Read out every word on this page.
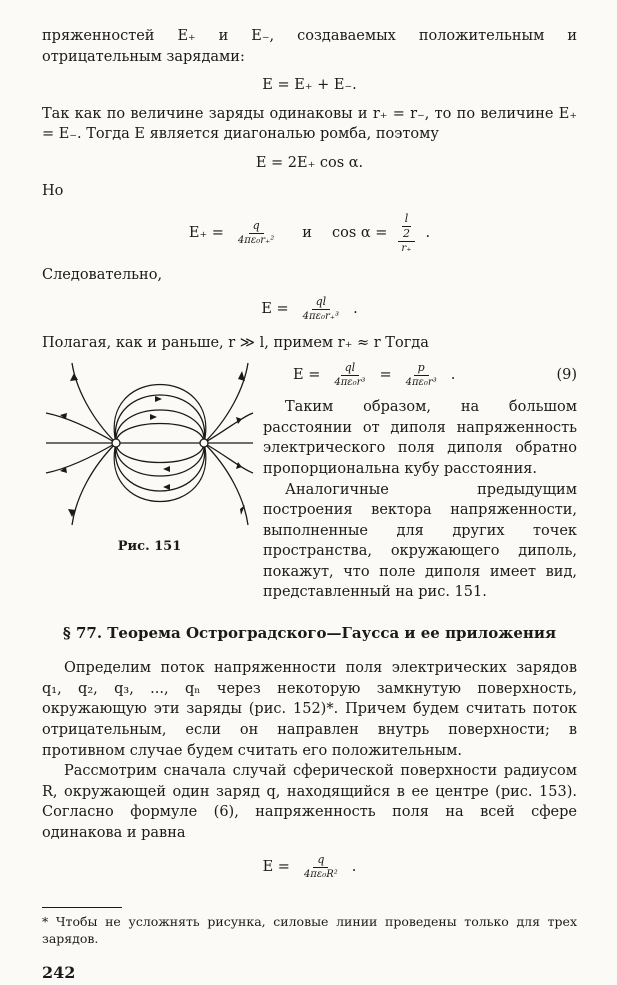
пряженностей E₊ и E₋, создаваемых положительным и отрицательным зарядами:

E = E₊ + E₋.

Так как по величине заряды одинаковы и r₊ = r₋, то по величине E₊ = E₋. Тогда E является диагональю ромба, поэтому

E = 2E₊ cos α.

Но

$E_+ = \frac{q}{\text{4πε₀r₊²}}$ и cos α = l
2
r₊ .

Следовательно,

$E = \frac{ql}{\text{4πε₀r₊³}}$ .

Полагая, как и раньше, r ≫ l, примем r₊ ≈ r Тогда

Рис. 151
$E = \frac{ql}{\text{4πε₀r³}} = \frac{p}{\text{4πε₀r³}}$ .	(9)

Таким образом, на большом расстоянии от диполя напряженность электрического поля диполя обратно пропорциональна кубу расстояния.

Аналогичные предыдущим построения вектора напряженности, выполненные для других точек пространства, окружающего диполь, покажут, что поле диполя имеет вид, представленный на рис. 151.

§ 77. Теорема Остроградского—Гаусса и ее приложения

Определим поток напряженности поля электрических зарядов q₁, q₂, q₃, ..., qₙ через некоторую замкнутую поверхность, окружающую эти заряды (рис. 152)*. Причем будем считать поток отрицательным, если он направлен внутрь поверхности; в противном случае будем считать его положительным.

Рассмотрим сначала случай сферической поверхности радиусом R, окружающей один заряд q, находящийся в ее центре (рис. 153). Согласно формуле (6), напряженность поля на всей сфере одинакова и равна

$E = \frac{q}{\text{4πε₀R²}}$ .

* Чтобы не усложнять рисунка, силовые линии проведены только для трех зарядов.

242
